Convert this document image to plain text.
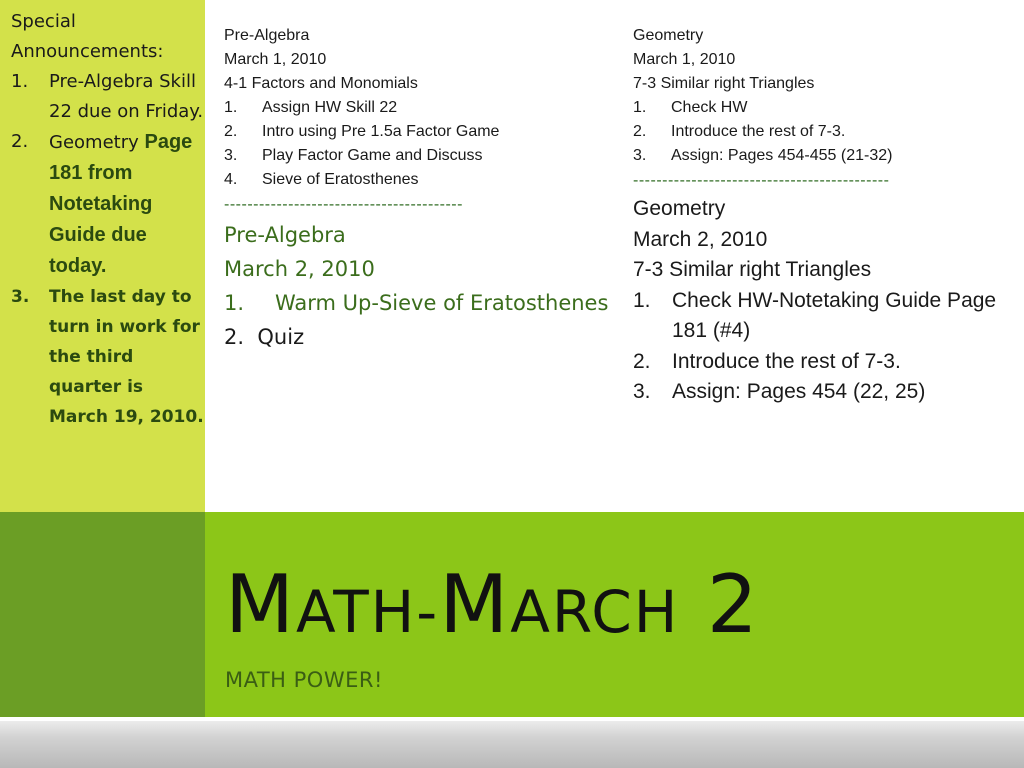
Special Announcements:
1. Pre-Algebra Skill 22 due on Friday.
2. Geometry Page 181 from Notetaking Guide due today.
3. The last day to turn in work for the third quarter is March 19, 2010.
Pre-Algebra
March 1, 2010
4-1 Factors and Monomials
1. Assign HW Skill 22
2. Intro using Pre 1.5a Factor Game
3. Play Factor Game and Discuss
4. Sieve of Eratosthenes
-----------------------------------------
Pre-Algebra
March 2, 2010
1. Warm Up-Sieve of Eratosthenes
2. Quiz
Geometry
March 1, 2010
7-3 Similar right Triangles
1. Check HW
2. Introduce the rest of 7-3.
3. Assign: Pages 454-455 (21-32)
--------------------------------------------
Geometry
March 2, 2010
7-3 Similar right Triangles
1. Check HW-Notetaking Guide Page 181 (#4)
2. Introduce the rest of 7-3.
3. Assign: Pages 454 (22, 25)
MATH-MARCH 2
MATH POWER!
